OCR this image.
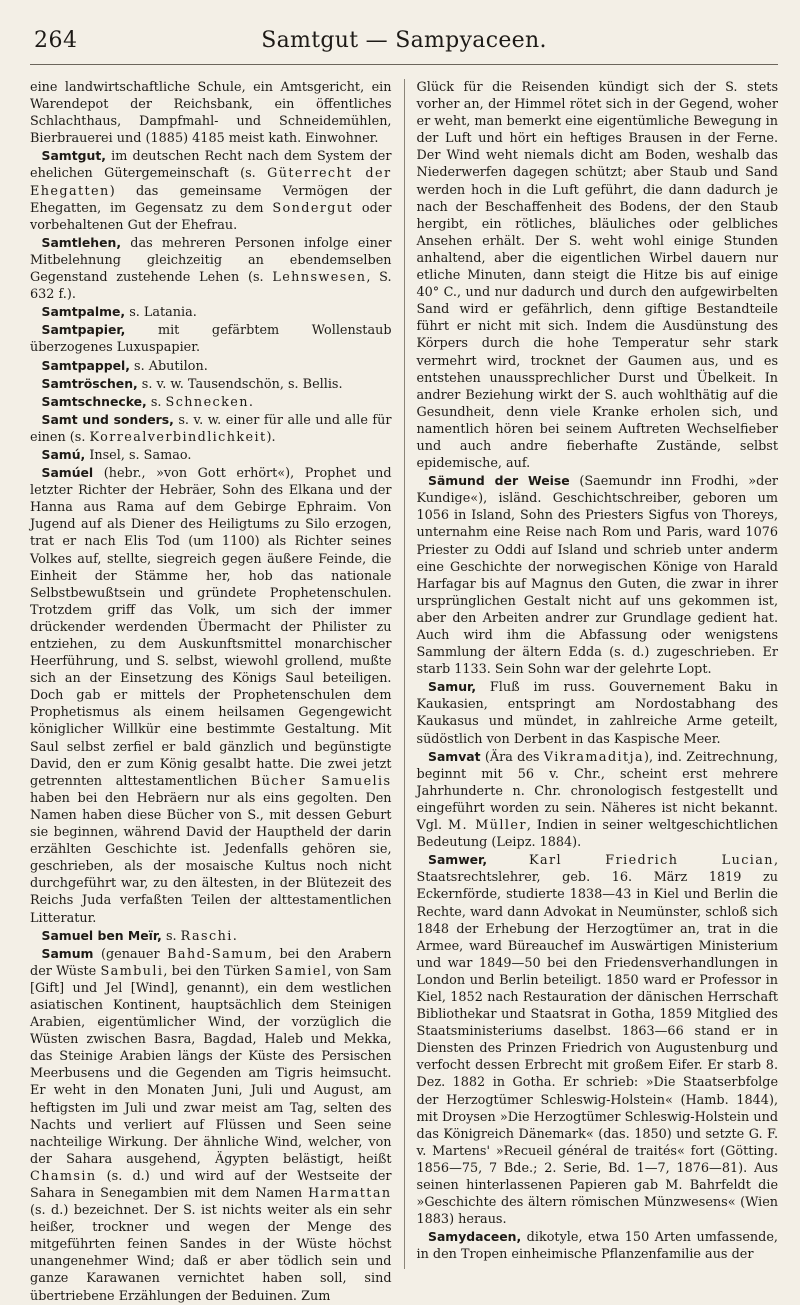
264	Samtgut — Sampyaceen.

eine landwirtschaftliche Schule, ein Amtsgericht, ein Warendepot der Reichsbank, ein öffentliches Schlachthaus, Dampfmahl- und Schneidemühlen, Bierbrauerei und (1885) 4185 meist kath. Einwohner.

Samtgut, im deutschen Recht nach dem System der ehelichen Gütergemeinschaft (s. Güterrecht der Ehegatten) das gemeinsame Vermögen der Ehegatten, im Gegensatz zu dem Sondergut oder vorbehaltenen Gut der Ehefrau.

Samtlehen, das mehreren Personen infolge einer Mitbelehnung gleichzeitig an ebendemselben Gegenstand zustehende Lehen (s. Lehnswesen, S. 632 f.).

Samtpalme, s. Latania.

Samtpapier, mit gefärbtem Wollenstaub überzogenes Luxuspapier.

Samtpappel, s. Abutilon.

Samtröschen, s. v. w. Tausendschön, s. Bellis.

Samtschnecke, s. Schnecken.

Samt und sonders, s. v. w. einer für alle und alle für einen (s. Korrealverbindlichkeit).

Samú, Insel, s. Samao.

Samúel (hebr., »von Gott erhört«), Prophet und letzter Richter der Hebräer, Sohn des Elkana und der Hanna aus Rama auf dem Gebirge Ephraim. Von Jugend auf als Diener des Heiligtums zu Silo erzogen, trat er nach Elis Tod (um 1100) als Richter seines Volkes auf, stellte, siegreich gegen äußere Feinde, die Einheit der Stämme her, hob das nationale Selbstbewußtsein und gründete Prophetenschulen. Trotzdem griff das Volk, um sich der immer drückender werdenden Übermacht der Philister zu entziehen, zu dem Auskunftsmittel monarchischer Heerführung, und S. selbst, wiewohl grollend, mußte sich an der Einsetzung des Königs Saul beteiligen. Doch gab er mittels der Prophetenschulen dem Prophetismus als einem heilsamen Gegengewicht königlicher Willkür eine bestimmte Gestaltung. Mit Saul selbst zerfiel er bald gänzlich und begünstigte David, den er zum König gesalbt hatte. Die zwei jetzt getrennten alttestamentlichen Bücher Samuelis haben bei den Hebräern nur als eins gegolten. Den Namen haben diese Bücher von S., mit dessen Geburt sie beginnen, während David der Hauptheld der darin erzählten Geschichte ist. Jedenfalls gehören sie, geschrieben, als der mosaische Kultus noch nicht durchgeführt war, zu den ältesten, in der Blütezeit des Reichs Juda verfaßten Teilen der alttestamentlichen Litteratur.

Samuel ben Meïr, s. Raschi.

Samum (genauer Bahd-Samum, bei den Arabern der Wüste Sambuli, bei den Türken Samiel, von Sam [Gift] und Jel [Wind], genannt), ein dem westlichen asiatischen Kontinent, hauptsächlich dem Steinigen Arabien, eigentümlicher Wind, der vorzüglich die Wüsten zwischen Basra, Bagdad, Haleb und Mekka, das Steinige Arabien längs der Küste des Persischen Meerbusens und die Gegenden am Tigris heimsucht. Er weht in den Monaten Juni, Juli und August, am heftigsten im Juli und zwar meist am Tag, selten des Nachts und verliert auf Flüssen und Seen seine nachteilige Wirkung. Der ähnliche Wind, welcher, von der Sahara ausgehend, Ägypten belästigt, heißt Chamsin (s. d.) und wird auf der Westseite der Sahara in Senegambien mit dem Namen Harmattan (s. d.) bezeichnet. Der S. ist nichts weiter als ein sehr heißer, trockner und wegen der Menge des mitgeführten feinen Sandes in der Wüste höchst unangenehmer Wind; daß er aber tödlich sein und ganze Karawanen vernichtet haben soll, sind übertriebene Erzählungen der Beduinen. Zum

Glück für die Reisenden kündigt sich der S. stets vorher an, der Himmel rötet sich in der Gegend, woher er weht, man bemerkt eine eigentümliche Bewegung in der Luft und hört ein heftiges Brausen in der Ferne. Der Wind weht niemals dicht am Boden, weshalb das Niederwerfen dagegen schützt; aber Staub und Sand werden hoch in die Luft geführt, die dann dadurch je nach der Beschaffenheit des Bodens, der den Staub hergibt, ein rötliches, bläuliches oder gelbliches Ansehen erhält. Der S. weht wohl einige Stunden anhaltend, aber die eigentlichen Wirbel dauern nur etliche Minuten, dann steigt die Hitze bis auf einige 40° C., und nur dadurch und durch den aufgewirbelten Sand wird er gefährlich, denn giftige Bestandteile führt er nicht mit sich. Indem die Ausdünstung des Körpers durch die hohe Temperatur sehr stark vermehrt wird, trocknet der Gaumen aus, und es entstehen unaussprechlicher Durst und Übelkeit. In andrer Beziehung wirkt der S. auch wohlthätig auf die Gesundheit, denn viele Kranke erholen sich, und namentlich hören bei seinem Auftreten Wechselfieber und auch andre fieberhafte Zustände, selbst epidemische, auf.

Sämund der Weise (Saemundr inn Frodhi, »der Kundige«), isländ. Geschichtschreiber, geboren um 1056 in Island, Sohn des Priesters Sigfus von Thoreys, unternahm eine Reise nach Rom und Paris, ward 1076 Priester zu Oddi auf Island und schrieb unter anderm eine Geschichte der norwegischen Könige von Harald Harfagar bis auf Magnus den Guten, die zwar in ihrer ursprünglichen Gestalt nicht auf uns gekommen ist, aber den Arbeiten andrer zur Grundlage gedient hat. Auch wird ihm die Abfassung oder wenigstens Sammlung der ältern Edda (s. d.) zugeschrieben. Er starb 1133. Sein Sohn war der gelehrte Lopt.

Samur, Fluß im russ. Gouvernement Baku in Kaukasien, entspringt am Nordostabhang des Kaukasus und mündet, in zahlreiche Arme geteilt, südöstlich von Derbent in das Kaspische Meer.

Samvat (Ära des Vikramaditja), ind. Zeitrechnung, beginnt mit 56 v. Chr., scheint erst mehrere Jahrhunderte n. Chr. chronologisch festgestellt und eingeführt worden zu sein. Näheres ist nicht bekannt. Vgl. M. Müller, Indien in seiner weltgeschichtlichen Bedeutung (Leipz. 1884).

Samwer,	Karl Friedrich Lucian, Staatsrechtslehrer, geb. 16. März 1819 zu Eckernförde, studierte 1838—43 in Kiel und Berlin die Rechte, ward dann Advokat in Neumünster, schloß sich 1848 der Erhebung der Herzogtümer an, trat in die Armee, ward Büreauchef im Auswärtigen Ministerium und war 1849—50 bei den Friedensverhandlungen in London und Berlin beteiligt. 1850 ward er Professor in Kiel, 1852 nach Restauration der dänischen Herrschaft Bibliothekar und Staatsrat in Gotha, 1859 Mitglied des Staatsministeriums daselbst. 1863—66 stand er in Diensten des Prinzen Friedrich von Augustenburg und verfocht dessen Erbrecht mit großem Eifer. Er starb 8. Dez. 1882 in Gotha. Er schrieb: »Die Staatserbfolge der Herzogtümer Schleswig-Holstein« (Hamb. 1844), mit Droysen »Die Herzogtümer Schleswig-Holstein und das Königreich Dänemark« (das. 1850) und setzte G. F. v. Martens' »Recueil général de traités« fort (Götting. 1856—75, 7 Bde.; 2. Serie, Bd. 1—7, 1876—81). Aus seinen hinterlassenen Papieren gab M. Bahrfeldt die »Geschichte des ältern römischen Münzwesens« (Wien 1883) heraus.

Samydaceen, dikotyle, etwa 150 Arten umfassende, in den Tropen einheimische Pflanzenfamilie aus der
